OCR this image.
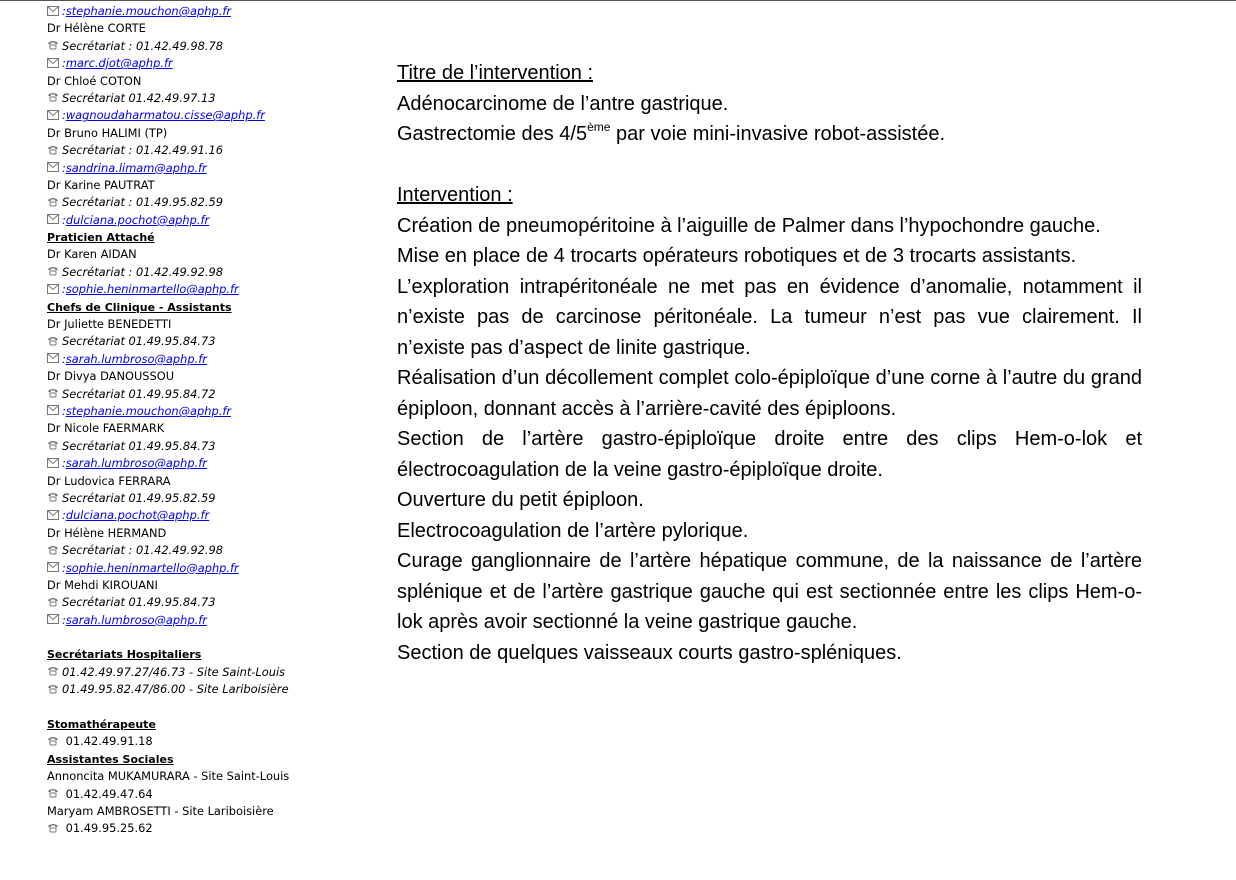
:stephanie.mouchon@aphp.fr
Dr Hélène CORTE
Secrétariat : 01.42.49.98.78
:marc.djot@aphp.fr
Dr Chloé COTON
Secrétariat 01.42.49.97.13
:wagnoudaharmatou.cisse@aphp.fr
Dr Bruno HALIMI (TP)
Secrétariat : 01.42.49.91.16
:sandrina.limam@aphp.fr
Dr Karine PAUTRAT
Secrétariat : 01.49.95.82.59
:dulciana.pochot@aphp.fr
Praticien Attaché
Dr Karen AIDAN
Secrétariat : 01.42.49.92.98
:sophie.heninmartello@aphp.fr
Chefs de Clinique - Assistants
Dr Juliette BENEDETTI
Secrétariat 01.49.95.84.73
:sarah.lumbroso@aphp.fr
Dr Divya DANOUSSOU
Secrétariat 01.49.95.84.72
:stephanie.mouchon@aphp.fr
Dr Nicole FAERMARK
Secrétariat 01.49.95.84.73
:sarah.lumbroso@aphp.fr
Dr Ludovica FERRARA
Secrétariat 01.49.95.82.59
:dulciana.pochot@aphp.fr
Dr Hélène HERMAND
Secrétariat : 01.42.49.92.98
:sophie.heninmartello@aphp.fr
Dr Mehdi KIROUANI
Secrétariat 01.49.95.84.73
:sarah.lumbroso@aphp.fr
Secrétariats Hospitaliers
01.42.49.97.27/46.73 - Site Saint-Louis
01.49.95.82.47/86.00 - Site Lariboisière
Stomathérapeute
01.42.49.91.18
Assistantes Sociales
Annoncita MUKAMURARA - Site Saint-Louis
01.42.49.47.64
Maryam AMBROSETTI - Site Lariboisière
01.49.95.25.62
Titre de l’intervention :
Adénocarcinome de l’antre gastrique.
Gastrectomie des 4/5ème par voie mini-invasive robot-assistée.
Intervention :
Création de pneumopéritoine à l’aiguille de Palmer dans l’hypochondre gauche.
Mise en place de 4 trocarts opérateurs robotiques et de 3 trocarts assistants.
L’exploration intrapéritonéale ne met pas en évidence d’anomalie, notamment il n’existe pas de carcinose péritonéale. La tumeur n’est pas vue clairement. Il n’existe pas d’aspect de linite gastrique.
Réalisation d’un décollement complet colo-épiploïque d’une corne à l’autre du grand épiploon, donnant accès à l’arrière-cavité des épiploons.
Section de l’artère gastro-épiploïque droite entre des clips Hem-o-lok et électrocoagulation de la veine gastro-épiploïque droite.
Ouverture du petit épiploon.
Electrocoagulation de l’artère pylorique.
Curage ganglionnaire de l’artère hépatique commune, de la naissance de l’artère splénique et de l’artère gastrique gauche qui est sectionnée entre les clips Hem-o-lok après avoir sectionné la veine gastrique gauche.
Section de quelques vaisseaux courts gastro-spléniques.
